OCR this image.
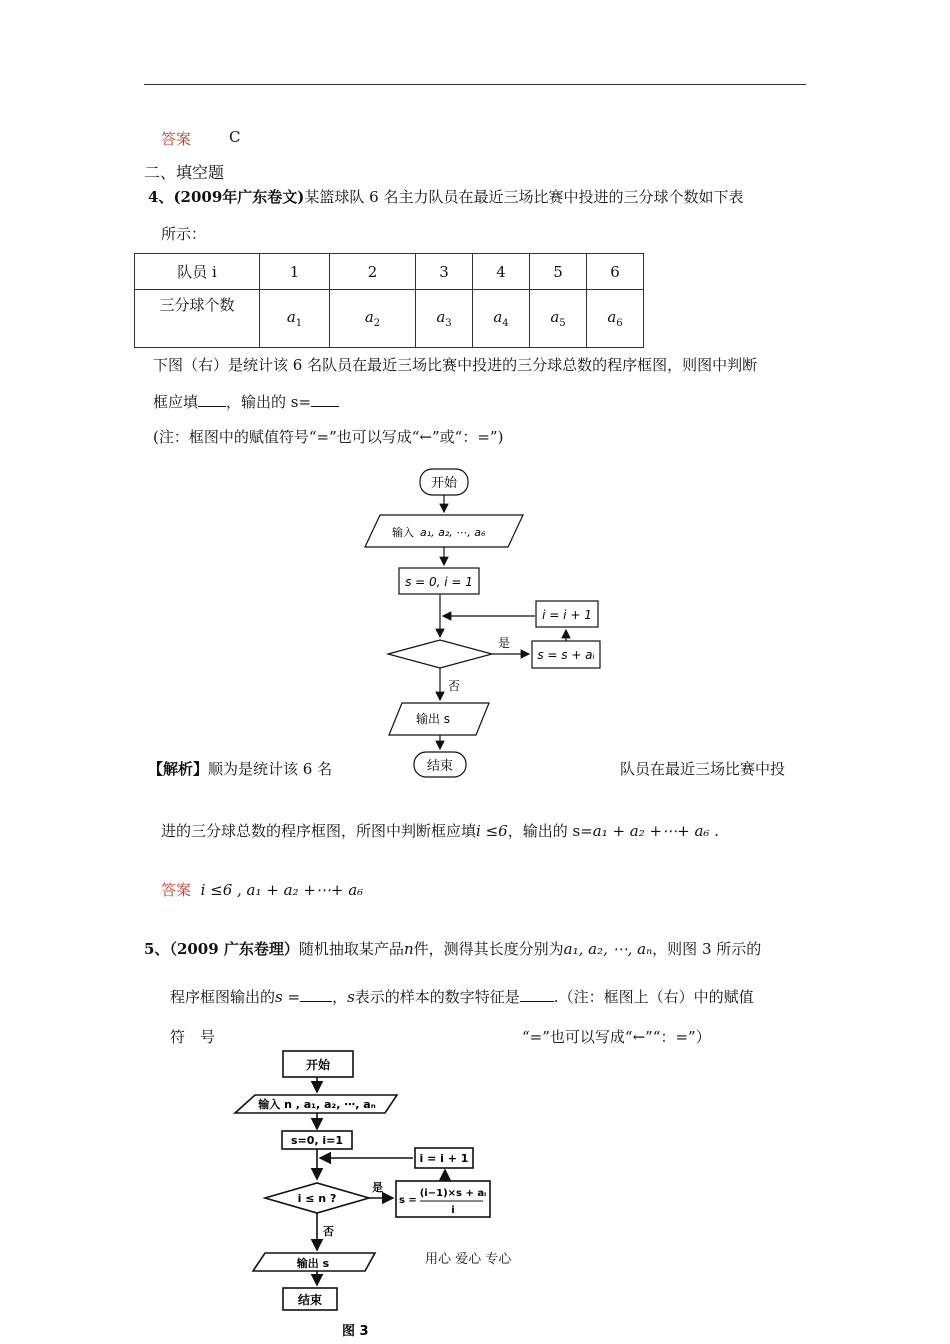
答案	C
二、填空题
4、(2009年广东卷文)某篮球队 6 名主力队员在最近三场比赛中投进的三分球个数如下表
所示：
队员 i	1	2	3	4	5	6
三分球个数	$a_1$	$a_2$	$a_3$	$a_4$	$a_5$	$a_6$
下图（右）是统计该 6 名队员在最近三场比赛中投进的三分球总数的程序框图，则图中判断
框应填 ，输出的 s=
(注：框图中的赋值符号“=”也可以写成“←”或“：=”)
开始
输入 a₁, a₂, ⋯, a₆
s = 0, i = 1
i = i + 1
是
s = s + aᵢ
否
输出 s
结束
【解析】顺为是统计该 6 名	队员在最近三场比赛中投
进的三分球总数的程序框图，所图中判断框应填i ≤6，输出的 s=a₁ + a₂ +⋯+ a₆ .
答案 i ≤6 , a₁ + a₂ +⋯+ a₆
5、（2009 广东卷理）随机抽取某产品n件，测得其长度分别为a₁, a₂, ⋯, aₙ，则图 3 所示的
程序框图输出的s = ，s表示的样本的数字特征是 .（注：框图上（右）中的赋值
符　号	“=”也可以写成“←”“：=”）
开始
输入 n , a₁, a₂, ⋯, aₙ
s=0, i=1
i = i + 1
i ≤ n ?
是
s =
(i−1)×s + aᵢ
i
否
输出 s
结束
图 3
用心 爱心 专心
